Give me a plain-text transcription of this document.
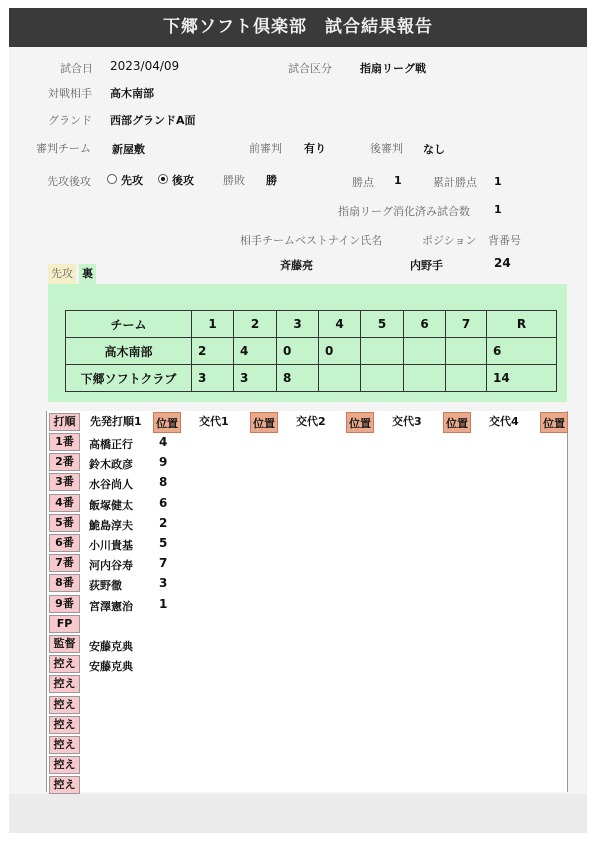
下郷ソフト倶楽部　試合結果報告
試合日 2023/04/09	試合区分	指扇リーグ戦
対戦相手 高木南部
グランド 西部グランドA面
審判チーム 新屋敷	前審判 有り	後審判 なし
先攻後攻	先攻	後攻	勝敗 勝	勝点 1	累計勝点 1
指扇リーグ消化済み試合数 1
相手チームベストナイン氏名	ポジション 背番号
斉藤亮	内野手	24
先攻 裏
チーム	1	2	3	4	5	6	7	R
高木南部	2	4	0	0				6
下郷ソフトクラブ	3	3	8					14
打順	先発打順1 位置 交代1 位置 交代2 位置 交代3 位置 交代4 位置
1番	高橋正行 4
2番	鈴木政彦 9
3番	水谷尚人 8
4番	飯塚健太 6
5番	鮠島淳夫 2
6番	小川貴基 5
7番	河内谷寿 7
8番	荻野徹	3
9番	宮澤憲治 1
FP
監督	安藤克典
控え	安藤克典
控え
控え
控え
控え
控え
控え
